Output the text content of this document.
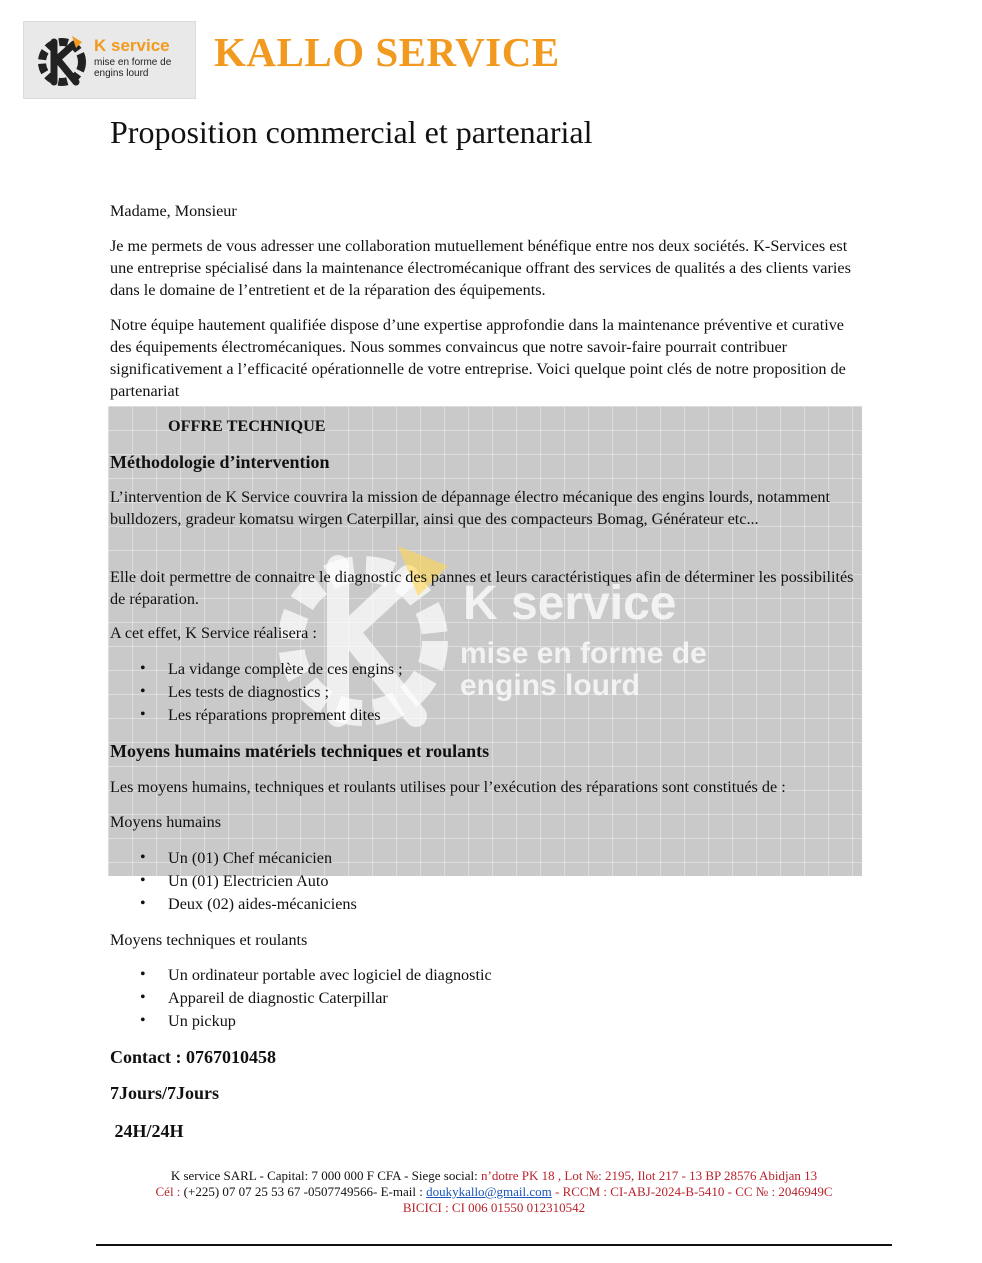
K service
mise en forme de engins lourd	KALLO SERVICE
Proposition commercial et partenarial
K service
mise en forme de engins lourd
Madame, Monsieur
Je me permets de vous adresser une collaboration mutuellement bénéfique entre nos deux sociétés. K-Services est une entreprise spécialisé dans la maintenance électromécanique offrant des services de qualités a des clients varies dans le domaine de l’entretient et de la réparation des équipements.
Notre équipe hautement qualifiée dispose d’une expertise approfondie dans la maintenance préventive et curative des équipements électromécaniques. Nous sommes convaincus que notre savoir-faire pourrait contribuer significativement a l’efficacité opérationnelle de votre entreprise. Voici quelque point clés de notre proposition de partenariat
OFFRE TECHNIQUE
Méthodologie d’intervention
L’intervention de K Service couvrira la mission de dépannage électro mécanique des engins lourds, notamment bulldozers, gradeur komatsu wirgen Caterpillar, ainsi que des compacteurs Bomag, Générateur etc...
Elle doit permettre de connaitre le diagnostic des pannes et leurs caractéristiques afin de déterminer les possibilités de réparation.
A cet effet, K Service réalisera :
• La vidange complète de ces engins ;
• Les tests de diagnostics ;
• Les réparations proprement dites
Moyens humains matériels techniques et roulants
Les moyens humains, techniques et roulants utilises pour l’exécution des réparations sont constitués de :
Moyens humains
• Un (01) Chef mécanicien
• Un (01) Electricien Auto
• Deux (02) aides-mécaniciens
Moyens techniques et roulants
• Un ordinateur portable avec logiciel de diagnostic
• Appareil de diagnostic Caterpillar
• Un pickup
Contact : 0767010458
7Jours/7Jours
24H/24H
K service SARL - Capital: 7 000 000 F CFA - Siege social: n’dotre PK 18 , Lot №: 2195, Ilot 217 - 13 BP 28576 Abidjan 13
Cél : (+225) 07 07 25 53 67 -0507749566- E-mail : doukykallo@gmail.com - RCCM : CI-ABJ-2024-B-5410 - CC № : 2046949C
BICICI : CI 006 01550 012310542
